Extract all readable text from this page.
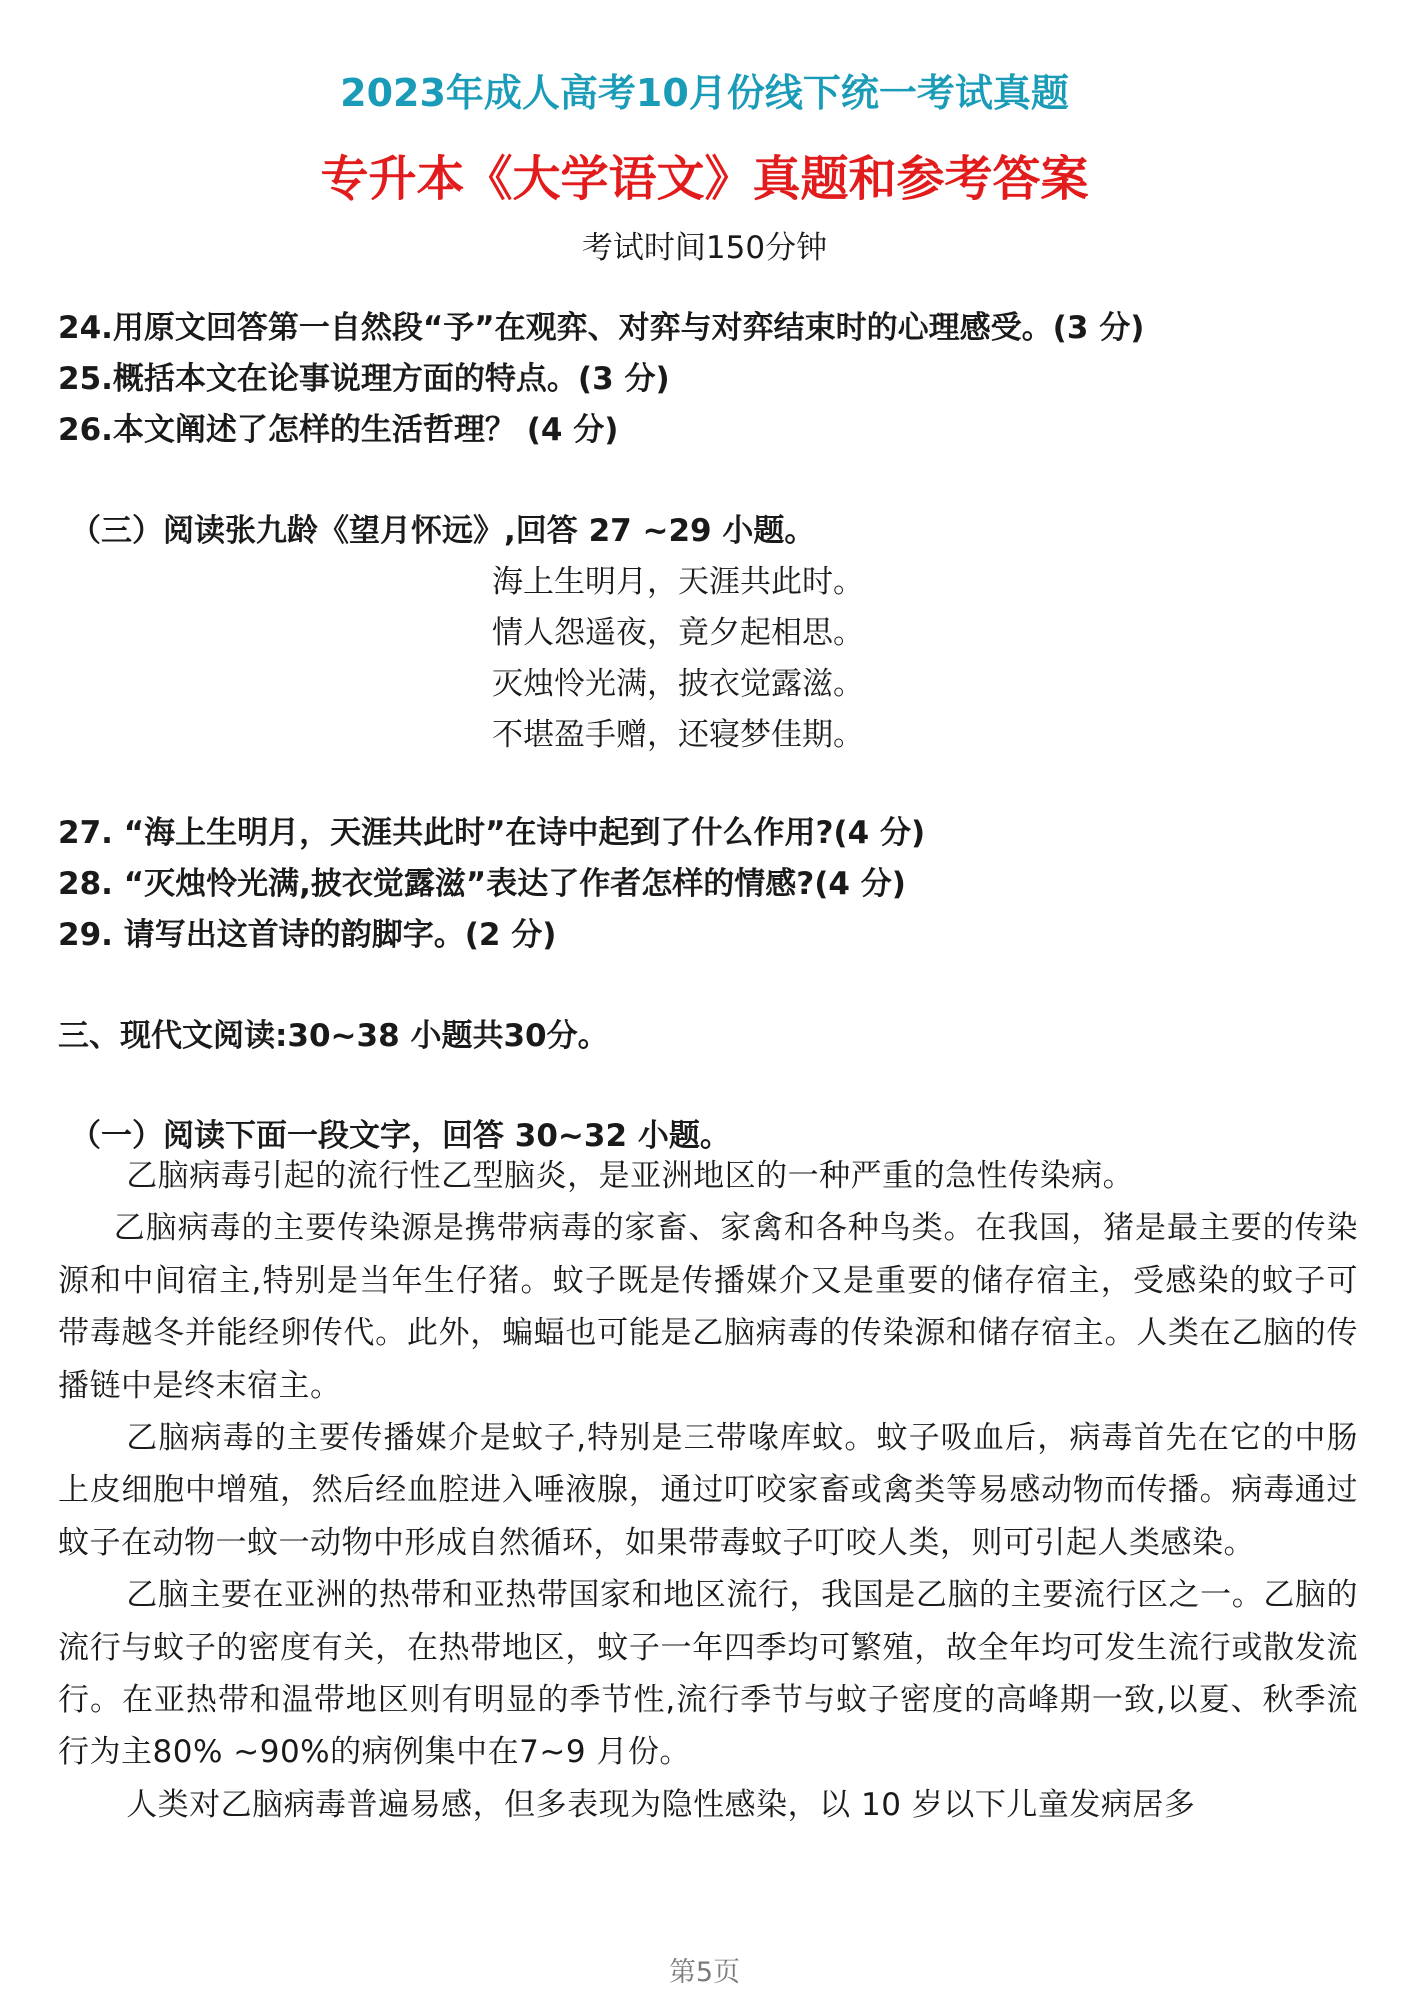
2023年成人高考10月份线下统一考试真题
专升本《大学语文》真题和参考答案
考试时间150分钟

24.用原文回答第一自然段“予”在观弈、对弈与对弈结束时的心理感受。(3 分)

25.概括本文在论事说理方面的特点。(3 分)

26.本文阐述了怎样的生活哲理？ (4 分)

（三）阅读张九龄《望月怀远》,回答 27 ~29 小题。

海上生明月，天涯共此时。

情人怨遥夜，竟夕起相思。

灭烛怜光满，披衣觉露滋。

不堪盈手赠，还寝梦佳期。

27. “海上生明月，天涯共此时”在诗中起到了什么作用?(4 分)

28. “灭烛怜光满,披衣觉露滋”表达了作者怎样的情感?(4 分)

29. 请写出这首诗的韵脚字。(2 分)

三、现代文阅读:30~38 小题共30分。

（一）阅读下面一段文字，回答 30~32 小题。

乙脑病毒引起的流行性乙型脑炎，是亚洲地区的一种严重的急性传染病。

乙脑病毒的主要传染源是携带病毒的家畜、家禽和各种鸟类。在我国，猪是最主要的传染源和中间宿主,特别是当年生仔猪。蚊子既是传播媒介又是重要的储存宿主，受感染的蚊子可带毒越冬并能经卵传代。此外，蝙蝠也可能是乙脑病毒的传染源和储存宿主。人类在乙脑的传播链中是终末宿主。

乙脑病毒的主要传播媒介是蚊子,特别是三带喙库蚊。蚊子吸血后，病毒首先在它的中肠上皮细胞中增殖，然后经血腔进入唾液腺，通过叮咬家畜或禽类等易感动物而传播。病毒通过蚊子在动物一蚊一动物中形成自然循环，如果带毒蚊子叮咬人类，则可引起人类感染。

乙脑主要在亚洲的热带和亚热带国家和地区流行，我国是乙脑的主要流行区之一。乙脑的流行与蚊子的密度有关，在热带地区，蚊子一年四季均可繁殖，故全年均可发生流行或散发流行。在亚热带和温带地区则有明显的季节性,流行季节与蚊子密度的高峰期一致,以夏、秋季流行为主80% ~90%的病例集中在7~9 月份。

人类对乙脑病毒普遍易感，但多表现为隐性感染，以 10 岁以下儿童发病居多

第5页
